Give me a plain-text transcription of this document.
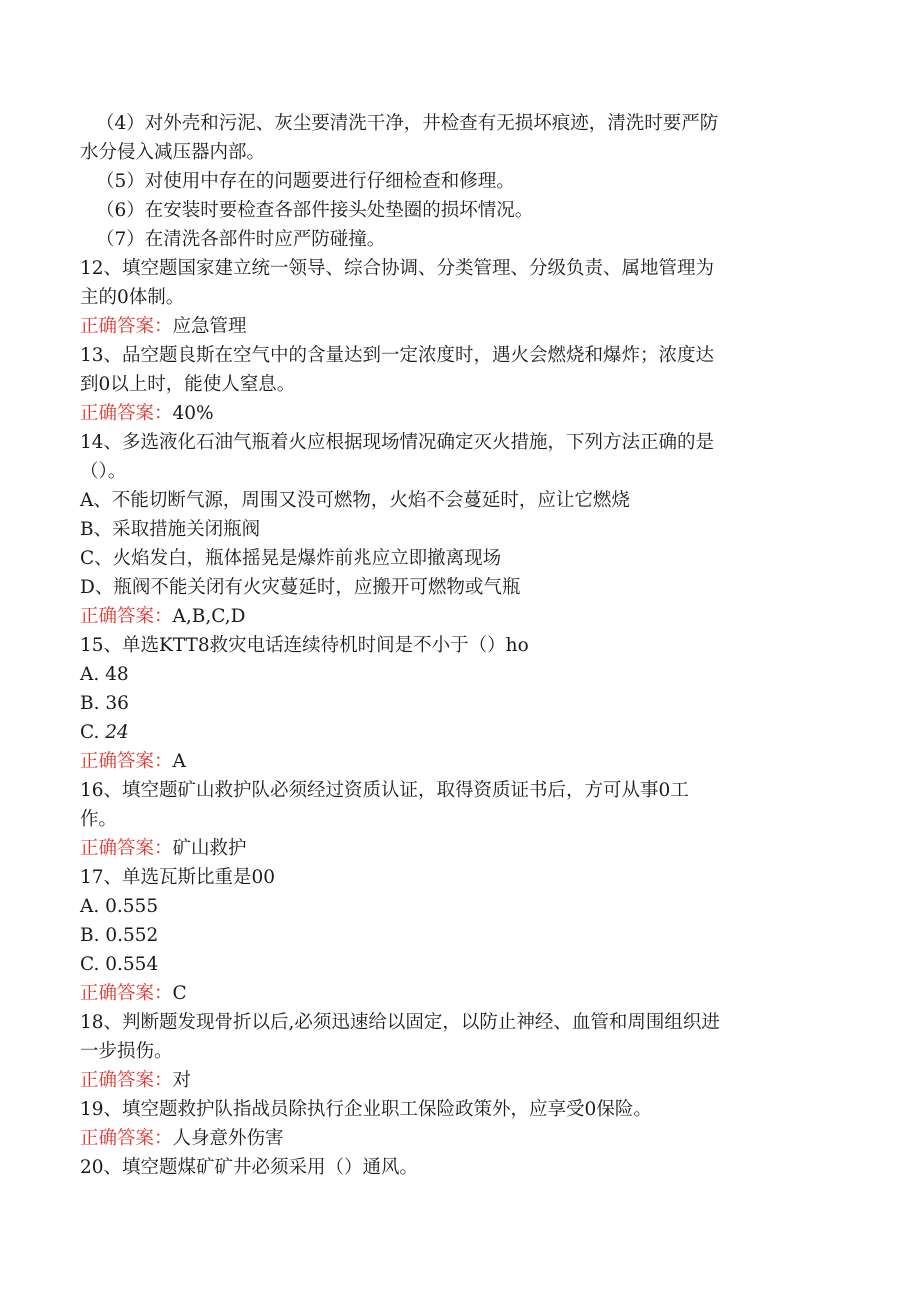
（4）对外壳和污泥、灰尘要清洗干净，井检查有无损坏痕迹，清洗时要严防
水分侵入减压器内部。
（5）对使用中存在的问题要进行仔细检查和修理。
（6）在安装时要检查各部件接头处垫圈的损坏情况。
（7）在清洗各部件时应严防碰撞。
12、填空题国家建立统一领导、综合协调、分类管理、分级负责、属地管理为
主的0体制。
正确答案：应急管理
13、品空题良斯在空气中的含量达到一定浓度时，遇火会燃烧和爆炸；浓度达
到0以上时，能使人窒息。
正确答案：40%
14、多选液化石油气瓶着火应根据现场情况确定灭火措施，下列方法正确的是
（）。
A、不能切断气源，周围又没可燃物，火焰不会蔓延时，应让它燃烧
B、采取措施关闭瓶阀
C、火焰发白，瓶体摇晃是爆炸前兆应立即撤离现场
D、瓶阀不能关闭有火灾蔓延时，应搬开可燃物或气瓶
正确答案：A,B,C,D
15、单选KTT8救灾电话连续待机时间是不小于（）ho
A. 48
B. 36
C. 24
正确答案：A
16、填空题矿山救护队必须经过资质认证，取得资质证书后，方可从事0工
作。
正确答案：矿山救护
17、单选瓦斯比重是00
A. 0.555
B. 0.552
C. 0.554
正确答案：C
18、判断题发现骨折以后,必须迅速给以固定，以防止神经、血管和周围组织进
一步损伤。
正确答案：对
19、填空题救护队指战员除执行企业职工保险政策外，应享受0保险。
正确答案：人身意外伤害
20、填空题煤矿矿井必须采用（）通风。
